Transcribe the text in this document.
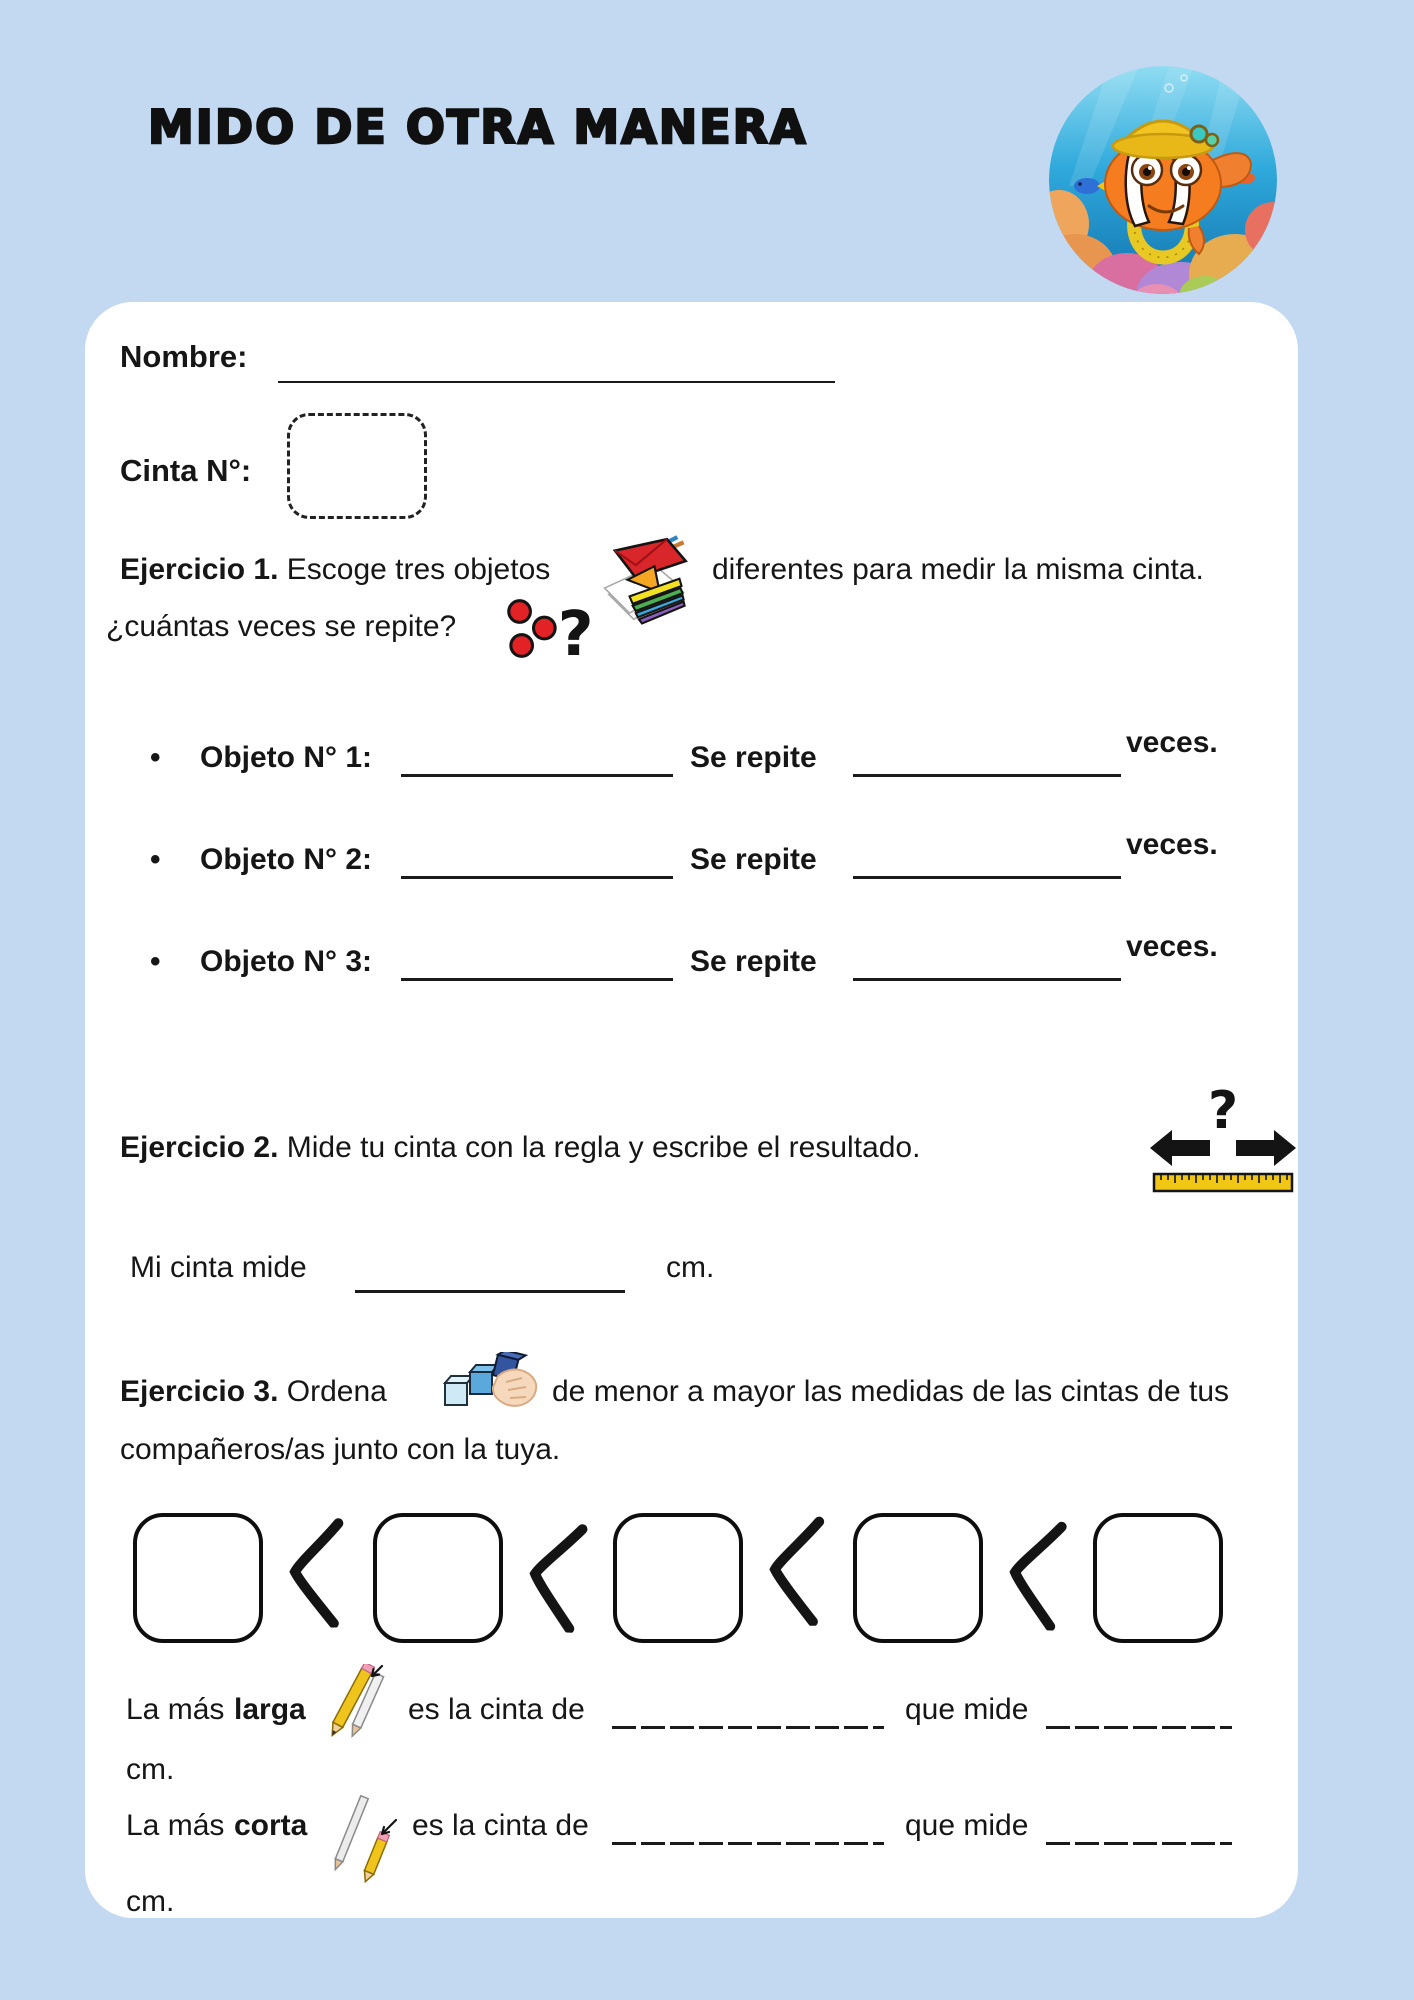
MIDO DE OTRA MANERA
Nombre:
Cinta N°:
Ejercicio 1. Escoge tres objetos	diferentes para medir la misma cinta.
¿cuántas veces se repite? ?
• Objeto N° 1:	Se repite	veces.
• Objeto N° 2:	Se repite	veces.
• Objeto N° 3:	Se repite	veces.
Ejercicio 2. Mide tu cinta con la regla y escribe el resultado.
?
Mi cinta mide	cm.
Ejercicio 3. Ordena	de menor a mayor las medidas de las cintas de tus
compañeros/as junto con la tuya.
La más larga	es la cinta de	que mide
cm.
La más corta	es la cinta de	que mide
cm.
